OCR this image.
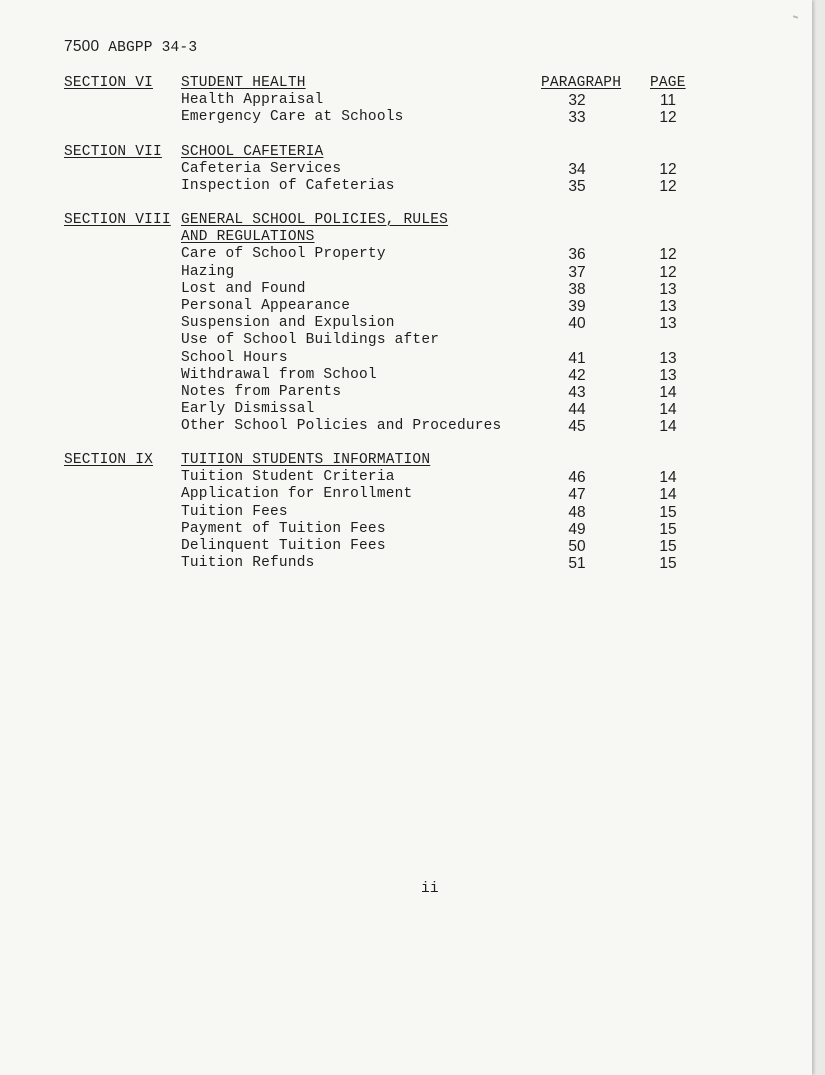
7500 ABGPP 34-3
PARAGRAPH PAGE
SECTION VI STUDENT HEALTH
Health Appraisal	32	11
Emergency Care at Schools	33	12
SECTION VII SCHOOL CAFETERIA
Cafeteria Services	34	12
Inspection of Cafeterias	35	12
SECTION VIII GENERAL SCHOOL POLICIES, RULES
AND REGULATIONS
Care of School Property	36	12
Hazing	37	12
Lost and Found	38	13
Personal Appearance	39	13
Suspension and Expulsion	40	13
Use of School Buildings after
School Hours	41	13
Withdrawal from School	42	13
Notes from Parents	43	14
Early Dismissal	44	14
Other School Policies and Procedures	45	14
SECTION IX TUITION STUDENTS INFORMATION
Tuition Student Criteria	46	14
Application for Enrollment	47	14
Tuition Fees	48	15
Payment of Tuition Fees	49	15
Delinquent Tuition Fees	50	15
Tuition Refunds	51	15
ii
